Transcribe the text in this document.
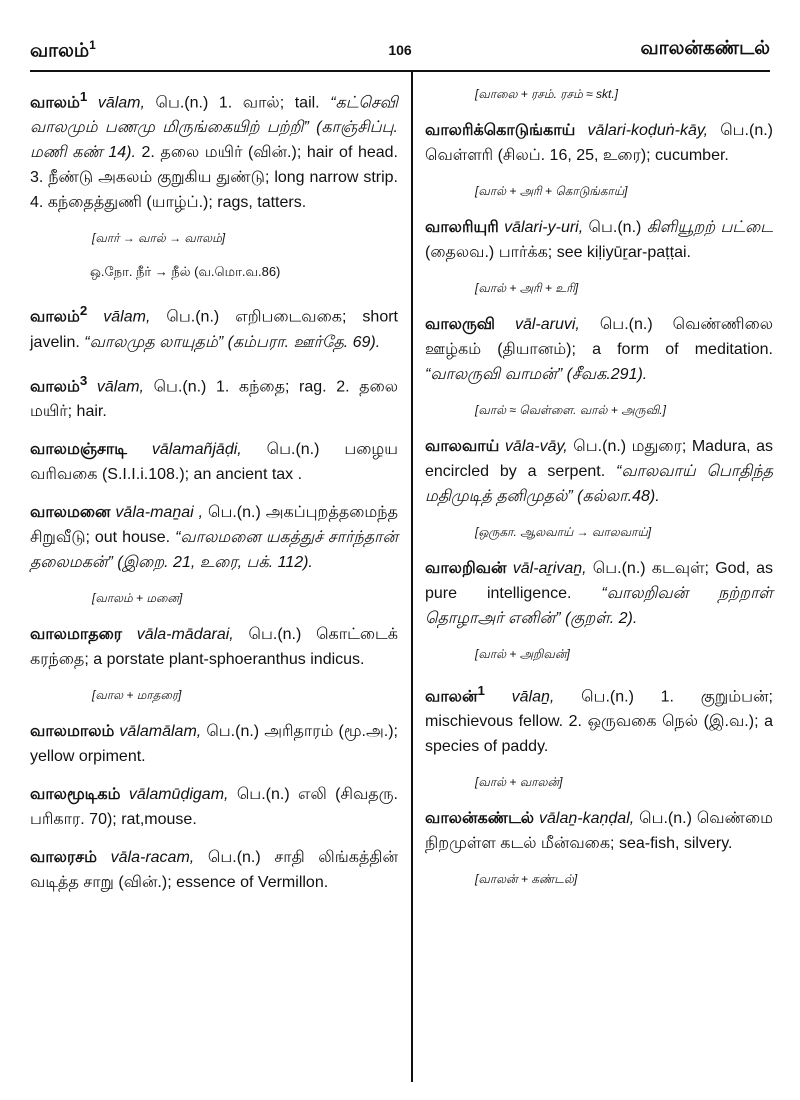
வாலம்$^1$	106	வாலன்கண்டல்

வாலம்$^1$ vālam, பெ.(n.) 1. வால்; tail. “கட்செவி வாலமும் பணமு மிருங்கையிற் பற்றி” (காஞ்சிப்பு. மணி கண் 14). 2. தலை மயிர் (வின்.); hair of head. 3. நீண்டு அகலம் குறுகிய துண்டு; long narrow strip. 4. கந்தைத்துணி (யாழ்ப்.); rags, tatters.

[வார் → வால் → வாலம்]
ஒ.நோ. நீர் → நீல் (வ.மொ.வ.86)

வாலம்$^2$ vālam, பெ.(n.) எறிபடைவகை; short javelin. “வாலமுத லாயுதம்” (கம்பரா. ஊர்தே. 69).

வாலம்$^3$ vālam, பெ.(n.) 1. கந்தை; rag. 2. தலை மயிர்; hair.

வாலமஞ்சாடி vālamañjāḍi, பெ.(n.) பழைய வரிவகை (S.I.I.i.108.); an ancient tax .

வாலமனை vāla-maṉai , பெ.(n.) அகப்புறத்தமைந்த சிறுவீடு; out house. “வாலமனை யகத்துச் சார்ந்தான் தலைமகன்” (இறை. 21, உரை, பக். 112).

[வாலம் + மனை]

வாலமாதரை vāla-mādarai, பெ.(n.) கொட்டைக் கரந்தை; a porstate plant-sphoeranthus indicus.

[வால + மாதரை]

வாலமாலம் vālamālam, பெ.(n.) அரிதாரம் (மூ.அ.); yellow orpiment.

வாலமூடிகம் vālamūḍigam, பெ.(n.) எலி (சிவதரு. பரிகார. 70); rat,mouse.

வாலரசம் vāla-racam, பெ.(n.) சாதி லிங்கத்தின் வடித்த சாறு (வின்.); essence of Vermillon.

[வாலை + ரசம். ரசம் ≈ skt.]

வாலரிக்கொடுங்காய் vālari-koḍuṅ-kāy, பெ.(n.) வெள்ளரி (சிலப். 16, 25, உரை); cucumber.

[வால் + அரி + கொடுங்காய்]

வாலரியுரி vālari-y-uri, பெ.(n.) கிளியூறற் பட்டை (தைலவ.) பார்க்க; see kiḷiyūṟar-paṭṭai.

[வால் + அரி + உரி]

வாலருவி vāl-aruvi, பெ.(n.) வெண்ணிலை ஊழ்கம் (தியானம்); a form of meditation. “வாலருவி வாமன்” (சீவக.291).

[வால் ≈ வெள்ளை. வால் + அருவி.]

வாலவாய் vāla-vāy, பெ.(n.) மதுரை; Madura, as encircled by a serpent. “வாலவாய் பொதிந்த மதிமுடித் தனிமுதல்” (கல்லா.48).

[ஒருகா. ஆலவாய் → வாலவாய்]

வாலறிவன் vāl-aṟivaṉ, பெ.(n.) கடவுள்; God, as pure intelligence. “வாலறிவன் நற்றாள் தொழாஅர் எனின்” (குறள். 2).

[வால் + அறிவன்]

வாலன்$^1$ vālaṉ, பெ.(n.) 1. குறும்பன்; mischievous fellow. 2. ஒருவகை நெல் (இ.வ.); a species of paddy.

[வால் + வாலன்]

வாலன்கண்டல் vālaṉ-kaṇḍal, பெ.(n.) வெண்மை நிறமுள்ள கடல் மீன்வகை; sea-fish, silvery.

[வாலன் + கண்டல்]
